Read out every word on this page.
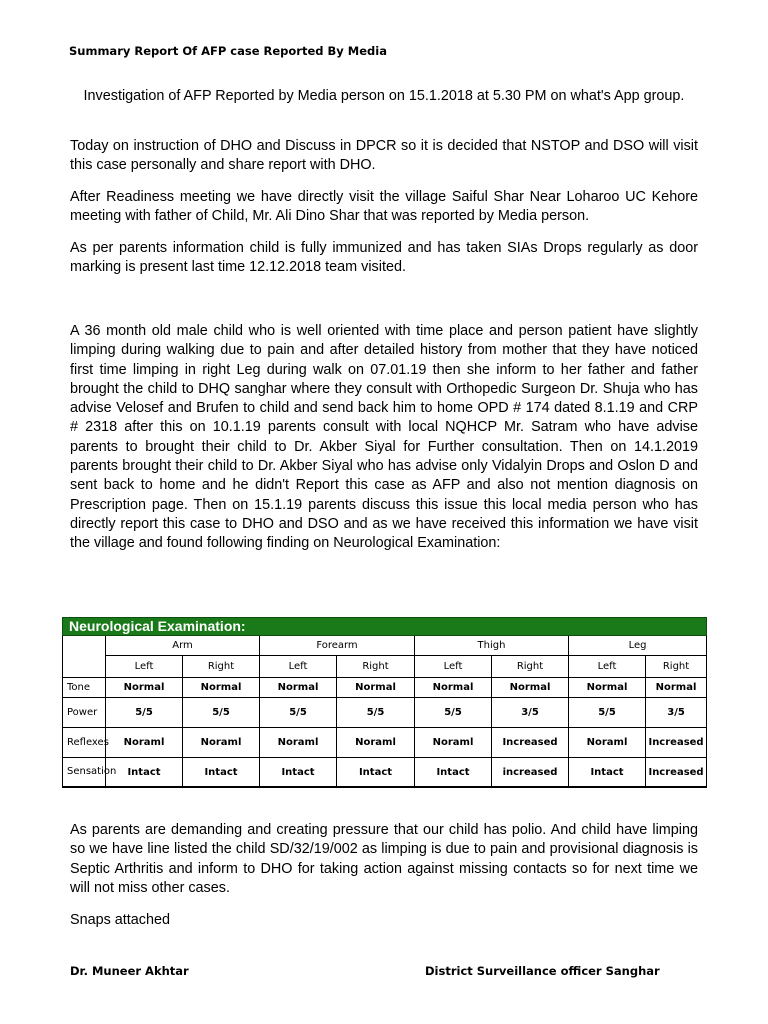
Summary Report Of AFP case Reported By Media
Investigation of AFP Reported by Media person on 15.1.2018 at 5.30 PM on what's App group.
Today on instruction of DHO and Discuss in DPCR so it is decided that NSTOP and DSO will visit this case personally and share report with DHO.
After Readiness meeting we have directly visit the village Saiful Shar Near Loharoo UC Kehore meeting with father of Child, Mr. Ali Dino Shar that was reported by Media person.
As per parents information child is fully immunized and has taken SIAs Drops regularly as door marking is present last time 12.12.2018 team visited.
A 36 month old male child who is well oriented with time place and person patient have slightly limping during walking due to pain and after detailed history from mother that they have noticed first time limping in right Leg during walk on 07.01.19 then she inform to her father and father brought the child to DHQ sanghar where they consult with Orthopedic Surgeon Dr. Shuja who has advise Velosef and Brufen to child and send back him to home OPD # 174 dated 8.1.19 and CRP # 2318 after this on 10.1.19 parents consult with local NQHCP Mr. Satram who have advise parents to brought their child to Dr. Akber Siyal for Further consultation. Then on 14.1.2019 parents brought their child to Dr. Akber Siyal who has advise only Vidalyin Drops and Oslon D and sent back to home and he didn't Report this case as AFP and also not mention diagnosis on Prescription page. Then on 15.1.19 parents discuss this issue this local media person who has directly report this case to DHO and DSO and as we have received this information we have visit the village and found following finding on Neurological Examination:
Neurological Examination:								
	Arm		Forearm		Thigh		Leg	
	Left	Right	Left	Right	Left	Right	Left	Right
Tone	Normal	Normal	Normal	Normal	Normal	Normal	Normal	Normal
Power	5/5	5/5	5/5	5/5	5/5	3/5	5/5	3/5
Reflexes	Noraml	Noraml	Noraml	Noraml	Noraml	Increased	Noraml	Increased
Sensation	Intact	Intact	Intact	Intact	Intact	increased	Intact	Increased
As parents are demanding and creating pressure that our child has polio. And child have limping so we have line listed the child SD/32/19/002 as limping is due to pain and provisional diagnosis is Septic Arthritis and inform to DHO for taking action against missing contacts so for next time we will not miss other cases.
Snaps attached
Dr. Muneer Akhtar	District Surveillance officer Sanghar
